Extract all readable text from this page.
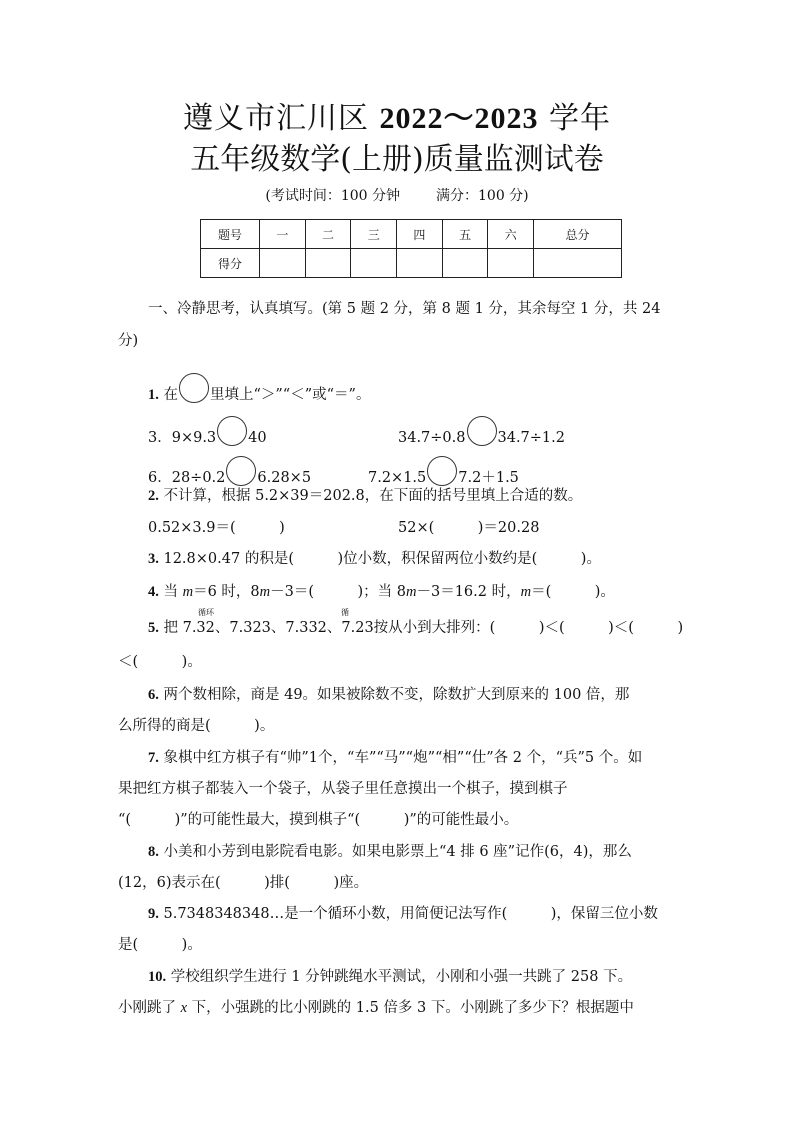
遵义市汇川区 2022～2023 学年
五年级数学(上册)质量监测试卷
(考试时间：100 分钟	满分：100 分)
题号	一	二	三	四	五	六	总分
得分							
一、冷静思考，认真填写。(第 5 题 2 分，第 8 题 1 分，其余每空 1 分，共 24
分)
1. 在 里填上“＞”“＜”或“＝”。
3．9×9.3 40	34.7÷0.8 34.7÷1.2
6．28÷0.2 6.28×5	7.2×1.5 7.2＋1.5
2. 不计算，根据 5.2×39＝202.8，在下面的括号里填上合适的数。
0.52×3.9＝(　　　)	52×(　　　)＝20.28
3. 12.8×0.47 的积是(　　　)位小数，积保留两位小数约是(　　　)。
4. 当 m＝6 时，8m－3＝(　　　)；当 8m－3＝16.2 时，m＝(　　　)。
循环	循
5. 把 7.32、7.323、7.332、7.23按从小到大排列：(　　　)＜(　　　)＜(　　　)
＜(　　　)。
6. 两个数相除，商是 49。如果被除数不变，除数扩大到原来的 100 倍，那
么所得的商是(　　　)。
7. 象棋中红方棋子有“帅”1个，“车”“马”“炮”“相”“仕”各 2 个，“兵”5 个。如
果把红方棋子都装入一个袋子，从袋子里任意摸出一个棋子，摸到棋子
“(　　　)”的可能性最大，摸到棋子“(　　　)”的可能性最小。
8. 小美和小芳到电影院看电影。如果电影票上“4 排 6 座”记作(6，4)，那么
(12，6)表示在(　　　)排(　　　)座。
9. 5.7348348348…是一个循环小数，用简便记法写作(　　　)，保留三位小数
是(　　　)。
10. 学校组织学生进行 1 分钟跳绳水平测试，小刚和小强一共跳了 258 下。
小刚跳了 x 下，小强跳的比小刚跳的 1.5 倍多 3 下。小刚跳了多少下？根据题中
